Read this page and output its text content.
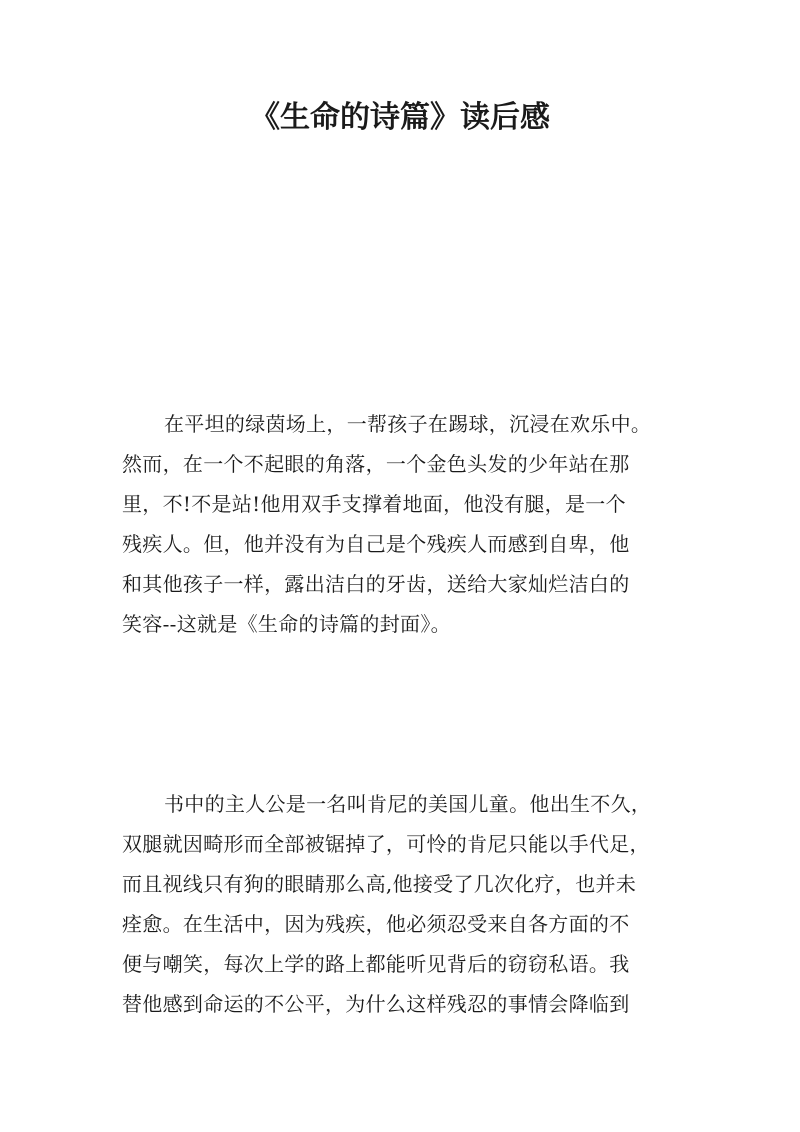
《生命的诗篇》读后感
在平坦的绿茵场上，一帮孩子在踢球，沉浸在欢乐中。
然而，在一个不起眼的角落，一个金色头发的少年站在那
里，不!不是站!他用双手支撑着地面，他没有腿，是一个
残疾人。但，他并没有为自己是个残疾人而感到自卑，他
和其他孩子一样，露出洁白的牙齿，送给大家灿烂洁白的
笑容--这就是《生命的诗篇的封面》。
书中的主人公是一名叫肯尼的美国儿童。他出生不久，
双腿就因畸形而全部被锯掉了，可怜的肯尼只能以手代足，
而且视线只有狗的眼睛那么高,他接受了几次化疗，也并未
痊愈。在生活中，因为残疾，他必须忍受来自各方面的不
便与嘲笑，每次上学的路上都能听见背后的窃窃私语。我
替他感到命运的不公平，为什么这样残忍的事情会降临到
